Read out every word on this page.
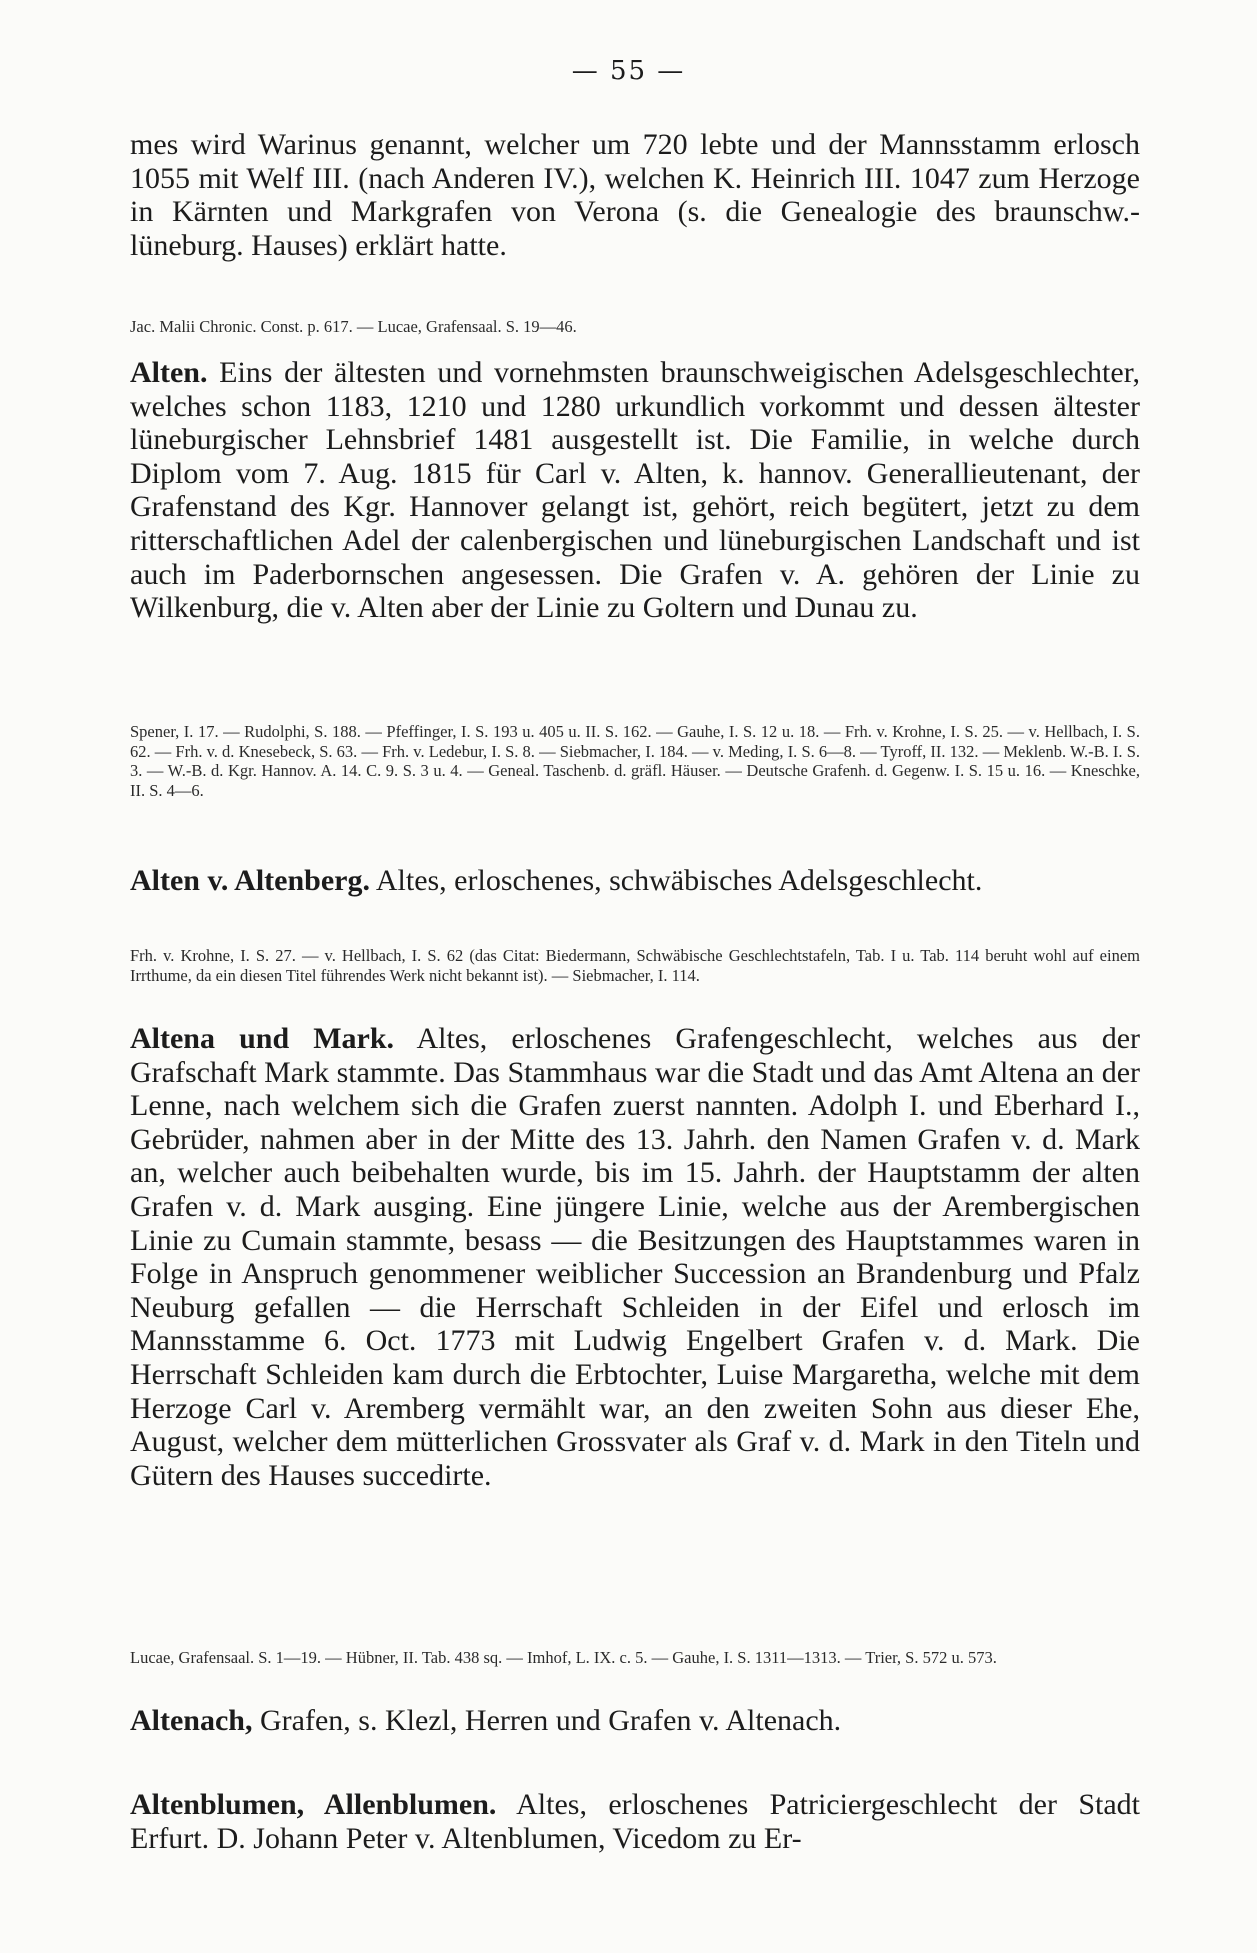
— 55 —

mes wird Warinus genannt, welcher um 720 lebte und der Mannsstamm erlosch 1055 mit Welf III. (nach Anderen IV.), welchen K. Heinrich III. 1047 zum Herzoge in Kärnten und Markgrafen von Verona (s. die Genealogie des braunschw.-lüneburg. Hauses) erklärt hatte.

Jac. Malii Chronic. Const. p. 617. — Lucae, Grafensaal. S. 19—46.

Alten. Eins der ältesten und vornehmsten braunschweigischen Adelsgeschlechter, welches schon 1183, 1210 und 1280 urkundlich vorkommt und dessen ältester lüneburgischer Lehnsbrief 1481 ausgestellt ist. Die Familie, in welche durch Diplom vom 7. Aug. 1815 für Carl v. Alten, k. hannov. Generallieutenant, der Grafenstand des Kgr. Hannover gelangt ist, gehört, reich begütert, jetzt zu dem ritterschaftlichen Adel der calenbergischen und lüneburgischen Landschaft und ist auch im Paderbornschen angesessen. Die Grafen v. A. gehören der Linie zu Wilkenburg, die v. Alten aber der Linie zu Goltern und Dunau zu.

Spener, I. 17. — Rudolphi, S. 188. — Pfeffinger, I. S. 193 u. 405 u. II. S. 162. — Gauhe, I. S. 12 u. 18. — Frh. v. Krohne, I. S. 25. — v. Hellbach, I. S. 62. — Frh. v. d. Knesebeck, S. 63. — Frh. v. Ledebur, I. S. 8. — Siebmacher, I. 184. — v. Meding, I. S. 6—8. — Tyroff, II. 132. — Meklenb. W.-B. I. S. 3. — W.-B. d. Kgr. Hannov. A. 14. C. 9. S. 3 u. 4. — Geneal. Taschenb. d. gräfl. Häuser. — Deutsche Grafenh. d. Gegenw. I. S. 15 u. 16. — Kneschke, II. S. 4—6.

Alten v. Altenberg. Altes, erloschenes, schwäbisches Adelsgeschlecht.

Frh. v. Krohne, I. S. 27. — v. Hellbach, I. S. 62 (das Citat: Biedermann, Schwäbische Geschlechtstafeln, Tab. I u. Tab. 114 beruht wohl auf einem Irrthume, da ein diesen Titel führendes Werk nicht bekannt ist). — Siebmacher, I. 114.

Altena und Mark. Altes, erloschenes Grafengeschlecht, welches aus der Grafschaft Mark stammte. Das Stammhaus war die Stadt und das Amt Altena an der Lenne, nach welchem sich die Grafen zuerst nannten. Adolph I. und Eberhard I., Gebrüder, nahmen aber in der Mitte des 13. Jahrh. den Namen Grafen v. d. Mark an, welcher auch beibehalten wurde, bis im 15. Jahrh. der Hauptstamm der alten Grafen v. d. Mark ausging. Eine jüngere Linie, welche aus der Arembergischen Linie zu Cumain stammte, besass — die Besitzungen des Hauptstammes waren in Folge in Anspruch genommener weiblicher Succession an Brandenburg und Pfalz Neuburg gefallen — die Herrschaft Schleiden in der Eifel und erlosch im Mannsstamme 6. Oct. 1773 mit Ludwig Engelbert Grafen v. d. Mark. Die Herrschaft Schleiden kam durch die Erbtochter, Luise Margaretha, welche mit dem Herzoge Carl v. Aremberg vermählt war, an den zweiten Sohn aus dieser Ehe, August, welcher dem mütterlichen Grossvater als Graf v. d. Mark in den Titeln und Gütern des Hauses succedirte.

Lucae, Grafensaal. S. 1—19. — Hübner, II. Tab. 438 sq. — Imhof, L. IX. c. 5. — Gauhe, I. S. 1311—1313. — Trier, S. 572 u. 573.

Altenach, Grafen, s. Klezl, Herren und Grafen v. Altenach.

Altenblumen, Allenblumen. Altes, erloschenes Patriciergeschlecht der Stadt Erfurt. D. Johann Peter v. Altenblumen, Vicedom zu Er-
